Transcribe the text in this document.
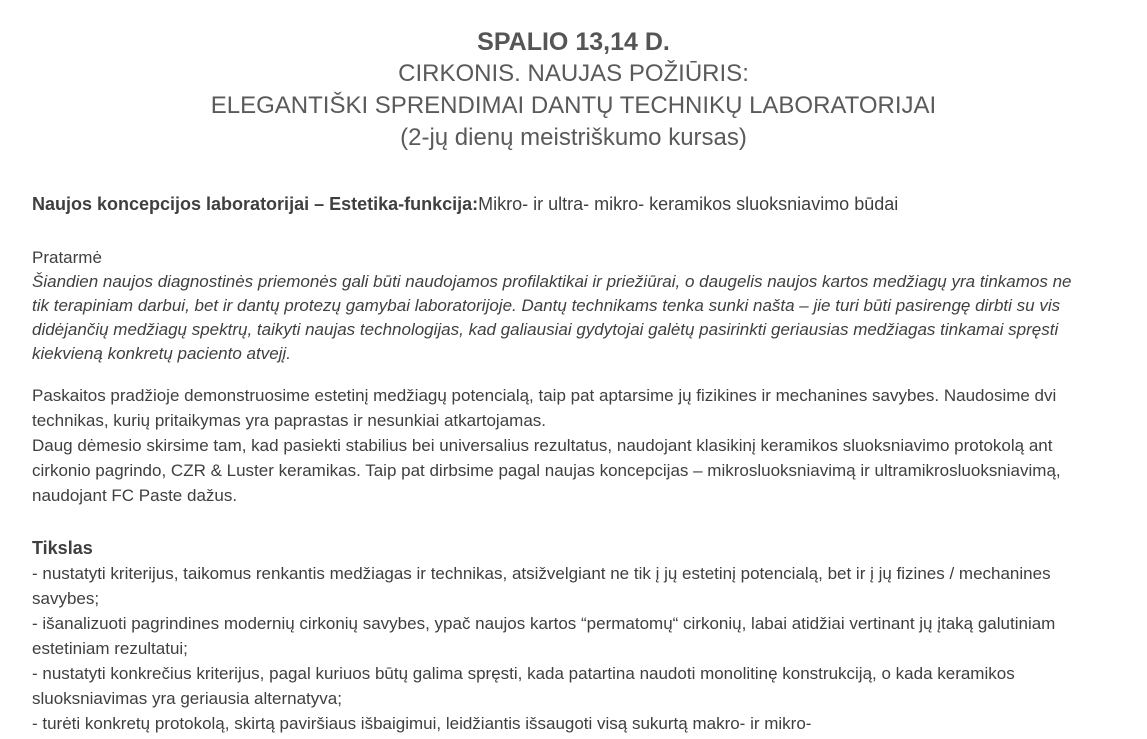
SPALIO 13,14 D.
CIRKONIS. NAUJAS POŽIŪRIS:
ELEGANTIŠKI SPRENDIMAI DANTŲ TECHNIKŲ LABORATORIJAI
(2-jų dienų meistriškumo kursas)
Naujos koncepcijos laboratorijai – Estetika-funkcija:Mikro- ir ultra- mikro- keramikos sluoksniavimo būdai
Pratarmė
Šiandien naujos diagnostinės priemonės gali būti naudojamos profilaktikai ir priežiūrai, o daugelis naujos kartos medžiagų yra tinkamos ne tik terapiniam darbui, bet ir dantų protezų gamybai laboratorijoje. Dantų technikams tenka sunki našta – jie turi būti pasirengę dirbti su vis didėjančių medžiagų spektrų, taikyti naujas technologijas, kad galiausiai gydytojai galėtų pasirinkti geriausias medžiagas tinkamai spręsti kiekvieną konkretų paciento atvejį.

Paskaitos pradžioje demonstruosime estetinį medžiagų potencialą, taip pat aptarsime jų fizikines ir mechanines savybes. Naudosime dvi technikas, kurių pritaikymas yra paprastas ir nesunkiai atkartojamas.

Daug dėmesio skirsime tam, kad pasiekti stabilius bei universalius rezultatus, naudojant klasikinį keramikos sluoksniavimo protokolą ant cirkonio pagrindo, CZR & Luster keramikas. Taip pat dirbsime pagal naujas koncepcijas – mikrosluoksniavimą ir ultramikrosluoksniavimą, naudojant FC Paste dažus.

Tikslas
- nustatyti kriterijus, taikomus renkantis medžiagas ir technikas, atsižvelgiant ne tik į jų estetinį potencialą, bet ir į jų fizines / mechanines savybes;
- išanalizuoti pagrindines modernių cirkonių savybes, ypač naujos kartos “permatomų“ cirkonių, labai atidžiai vertinant jų įtaką galutiniam estetiniam rezultatui;
- nustatyti konkrečius kriterijus, pagal kuriuos būtų galima spręsti, kada patartina naudoti monolitinę konstrukciją, o kada keramikos sluoksniavimas yra geriausia alternatyva;
- turėti konkretų protokolą, skirtą paviršiaus išbaigimui, leidžiantis išsaugoti visą sukurtą makro- ir mikro-
